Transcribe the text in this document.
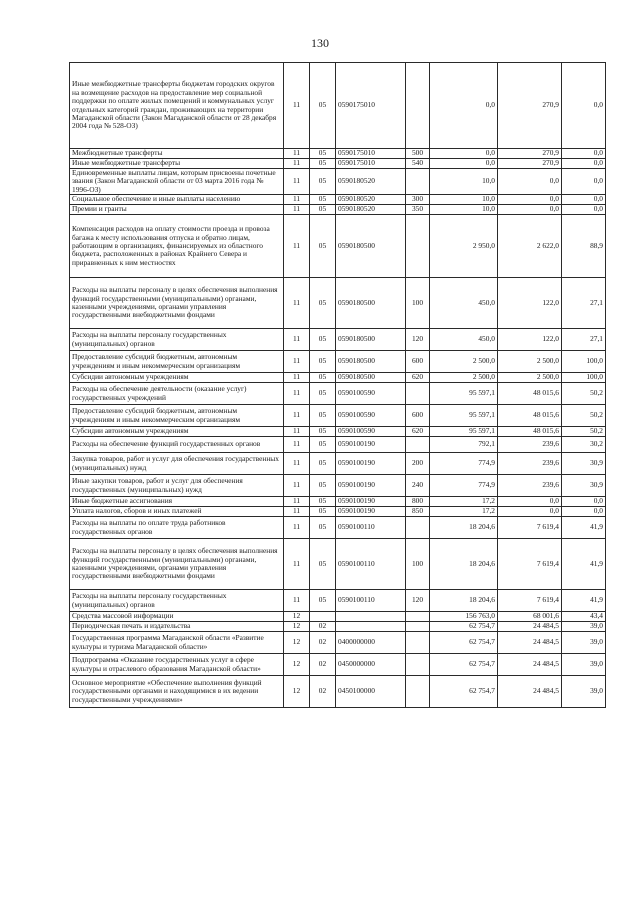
130
Иные межбюджетные трансферты бюджетам городских округов на возмещение расходов на предоставление мер социальной поддержки по оплате жилых помещений и коммунальных услуг отдельных категорий граждан, проживающих на территории Магаданской области (Закон Магаданской области от 28 декабря 2004 года № 528-ОЗ)	11	05	0590175010		0,0	270,9	0,0
Межбюджетные трансферты	11	05	0590175010	500	0,0	270,9	0,0
Иные межбюджетные трансферты	11	05	0590175010	540	0,0	270,9	0,0
Единовременные выплаты лицам, которым присвоены почетные звания (Закон Магаданской области от 03 марта 2016 года № 1996-ОЗ)	11	05	0590180520		10,0	0,0	0,0
Социальное обеспечение и иные выплаты населению	11	05	0590180520	300	10,0	0,0	0,0
Премии и гранты	11	05	0590180520	350	10,0	0,0	0,0
Компенсация расходов на оплату стоимости проезда и провоза багажа к месту использования отпуска и обратно лицам, работающим в организациях, финансируемых из областного бюджета, расположенных в районах Крайнего Севера и приравненных к ним местностях	11	05	0590180500		2 950,0	2 622,0	88,9
Расходы на выплаты персоналу в целях обеспечения выполнения функций государственными (муниципальными) органами, казенными учреждениями, органами управления государственными внебюджетными фондами	11	05	0590180500	100	450,0	122,0	27,1
Расходы на выплаты персоналу государственных (муниципальных) органов	11	05	0590180500	120	450,0	122,0	27,1
Предоставление субсидий бюджетным, автономным учреждениям и иным некоммерческим организациям	11	05	0590180500	600	2 500,0	2 500,0	100,0
Субсидии автономным учреждениям	11	05	0590180500	620	2 500,0	2 500,0	100,0
Расходы на обеспечение деятельности (оказание услуг) государственных учреждений	11	05	0590100590		95 597,1	48 015,6	50,2
Предоставление субсидий бюджетным, автономным учреждениям и иным некоммерческим организациям	11	05	0590100590	600	95 597,1	48 015,6	50,2
Субсидии автономным учреждениям	11	05	0590100590	620	95 597,1	48 015,6	50,2
Расходы на обеспечение функций государственных органов	11	05	0590100190		792,1	239,6	30,2
Закупка товаров, работ и услуг для обеспечения государственных (муниципальных) нужд	11	05	0590100190	200	774,9	239,6	30,9
Иные закупки товаров, работ и услуг для обеспечения государственных (муниципальных) нужд	11	05	0590100190	240	774,9	239,6	30,9
Иные бюджетные ассигнования	11	05	0590100190	800	17,2	0,0	0,0
Уплата налогов, сборов и иных платежей	11	05	0590100190	850	17,2	0,0	0,0
Расходы на выплаты по оплате труда работников государственных органов	11	05	0590100110		18 204,6	7 619,4	41,9
Расходы на выплаты персоналу в целях обеспечения выполнения функций государственными (муниципальными) органами, казенными учреждениями, органами управления государственными внебюджетными фондами	11	05	0590100110	100	18 204,6	7 619,4	41,9
Расходы на выплаты персоналу государственных (муниципальных) органов	11	05	0590100110	120	18 204,6	7 619,4	41,9
Средства массовой информации	12				156 763,0	68 001,6	43,4
Периодическая печать и издательства	12	02			62 754,7	24 484,5	39,0
Государственная программа Магаданской области «Развитие культуры и туризма Магаданской области»	12	02	0400000000		62 754,7	24 484,5	39,0
Подпрограмма «Оказание государственных услуг в сфере культуры и отраслевого образования Магаданской области»	12	02	0450000000		62 754,7	24 484,5	39,0
Основное мероприятие «Обеспечение выполнения функций государственными органами и находящимися в их ведении государственными учреждениями»	12	02	0450100000		62 754,7	24 484,5	39,0
